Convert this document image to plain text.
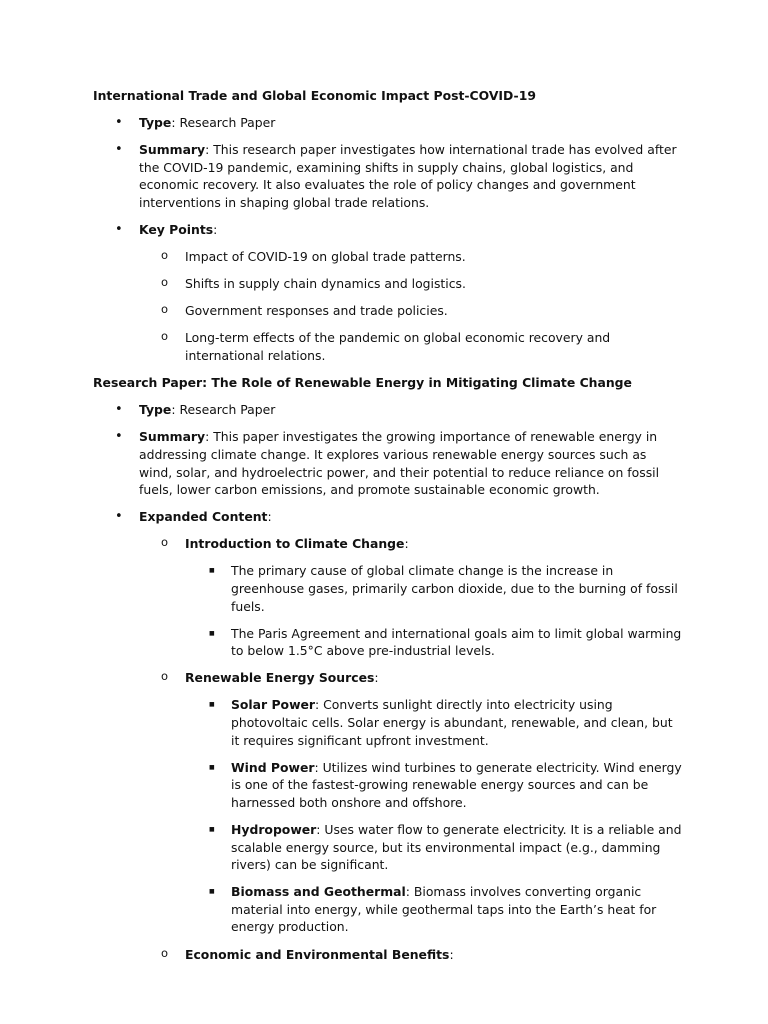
International Trade and Global Economic Impact Post-COVID-19

• Type: Research Paper
• Summary: This research paper investigates how international trade has evolved after the COVID-19 pandemic, examining shifts in supply chains, global logistics, and economic recovery. It also evaluates the role of policy changes and government interventions in shaping global trade relations.
• Key Points:
o Impact of COVID-19 on global trade patterns.
o Shifts in supply chain dynamics and logistics.
o Government responses and trade policies.
o Long-term effects of the pandemic on global economic recovery and international relations.

Research Paper: The Role of Renewable Energy in Mitigating Climate Change

• Type: Research Paper
• Summary: This paper investigates the growing importance of renewable energy in addressing climate change. It explores various renewable energy sources such as wind, solar, and hydroelectric power, and their potential to reduce reliance on fossil fuels, lower carbon emissions, and promote sustainable economic growth.
• Expanded Content:
o Introduction to Climate Change:
■ The primary cause of global climate change is the increase in greenhouse gases, primarily carbon dioxide, due to the burning of fossil fuels.
■ The Paris Agreement and international goals aim to limit global warming to below 1.5°C above pre-industrial levels.
o Renewable Energy Sources:
■ Solar Power: Converts sunlight directly into electricity using photovoltaic cells. Solar energy is abundant, renewable, and clean, but it requires significant upfront investment.
■ Wind Power: Utilizes wind turbines to generate electricity. Wind energy is one of the fastest-growing renewable energy sources and can be harnessed both onshore and offshore.
■ Hydropower: Uses water flow to generate electricity. It is a reliable and scalable energy source, but its environmental impact (e.g., damming rivers) can be significant.
■ Biomass and Geothermal: Biomass involves converting organic material into energy, while geothermal taps into the Earth’s heat for energy production.
o Economic and Environmental Benefits:
